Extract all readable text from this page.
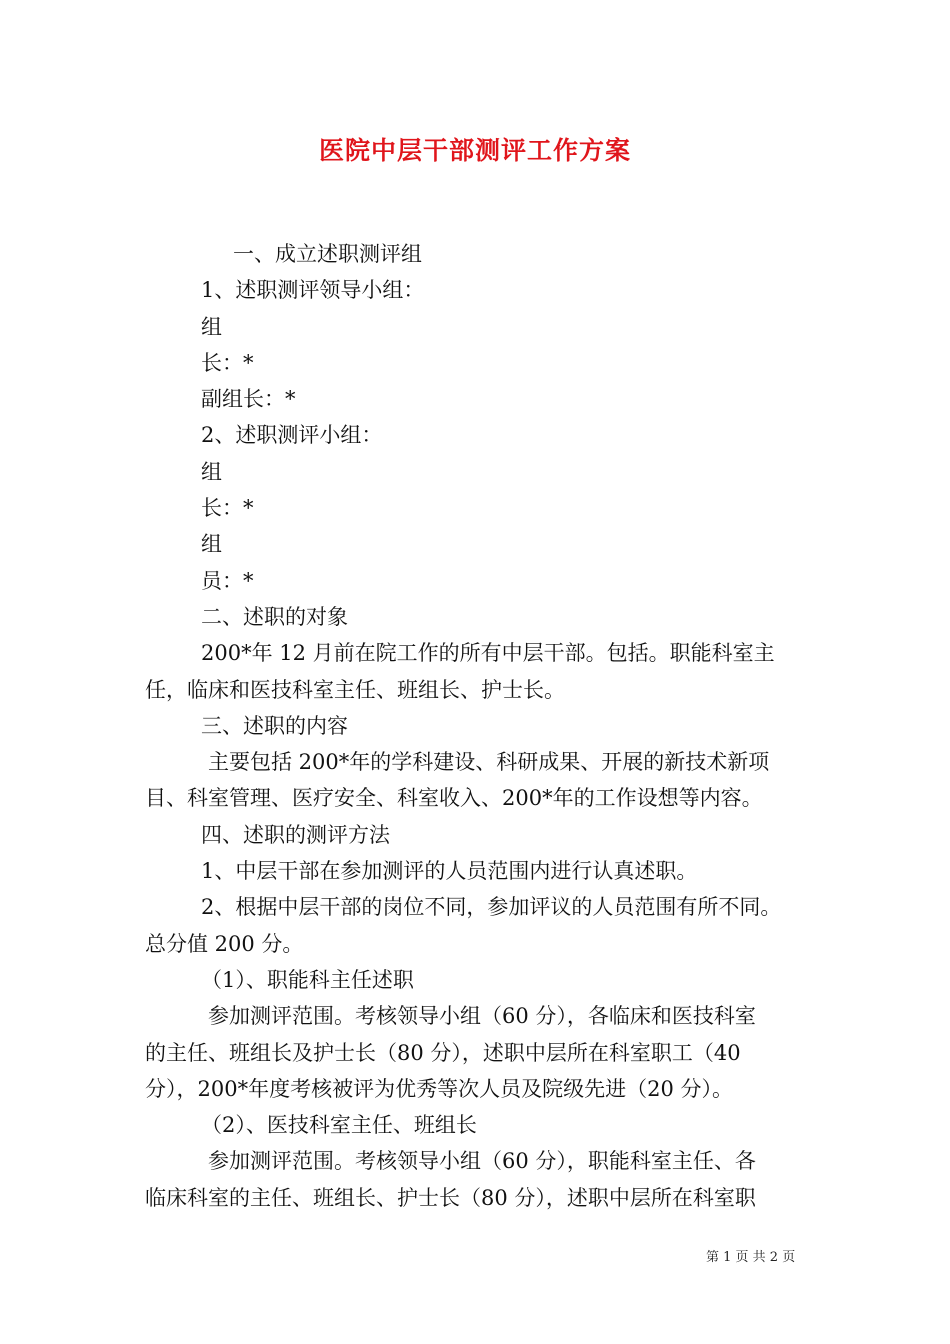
医院中层干部测评工作方案
一、成立述职测评组
1、述职测评领导小组：
组
长：*
副组长：*
2、述职测评小组：
组
长：*
组
员：*
二、述职的对象
200*年 12 月前在院工作的所有中层干部。包括。职能科室主
任，临床和医技科室主任、班组长、护士长。
三、述职的内容
主要包括 200*年的学科建设、科研成果、开展的新技术新项
目、科室管理、医疗安全、科室收入、200*年的工作设想等内容。
四、述职的测评方法
1、中层干部在参加测评的人员范围内进行认真述职。
2、根据中层干部的岗位不同，参加评议的人员范围有所不同。
总分值 200 分。
（1）、职能科主任述职
参加测评范围。考核领导小组（60 分），各临床和医技科室
的主任、班组长及护士长（80 分），述职中层所在科室职工（40
分），200*年度考核被评为优秀等次人员及院级先进（20 分）。
（2）、医技科室主任、班组长
参加测评范围。考核领导小组（60 分），职能科室主任、各
临床科室的主任、班组长、护士长（80 分），述职中层所在科室职
第 1 页 共 2 页
